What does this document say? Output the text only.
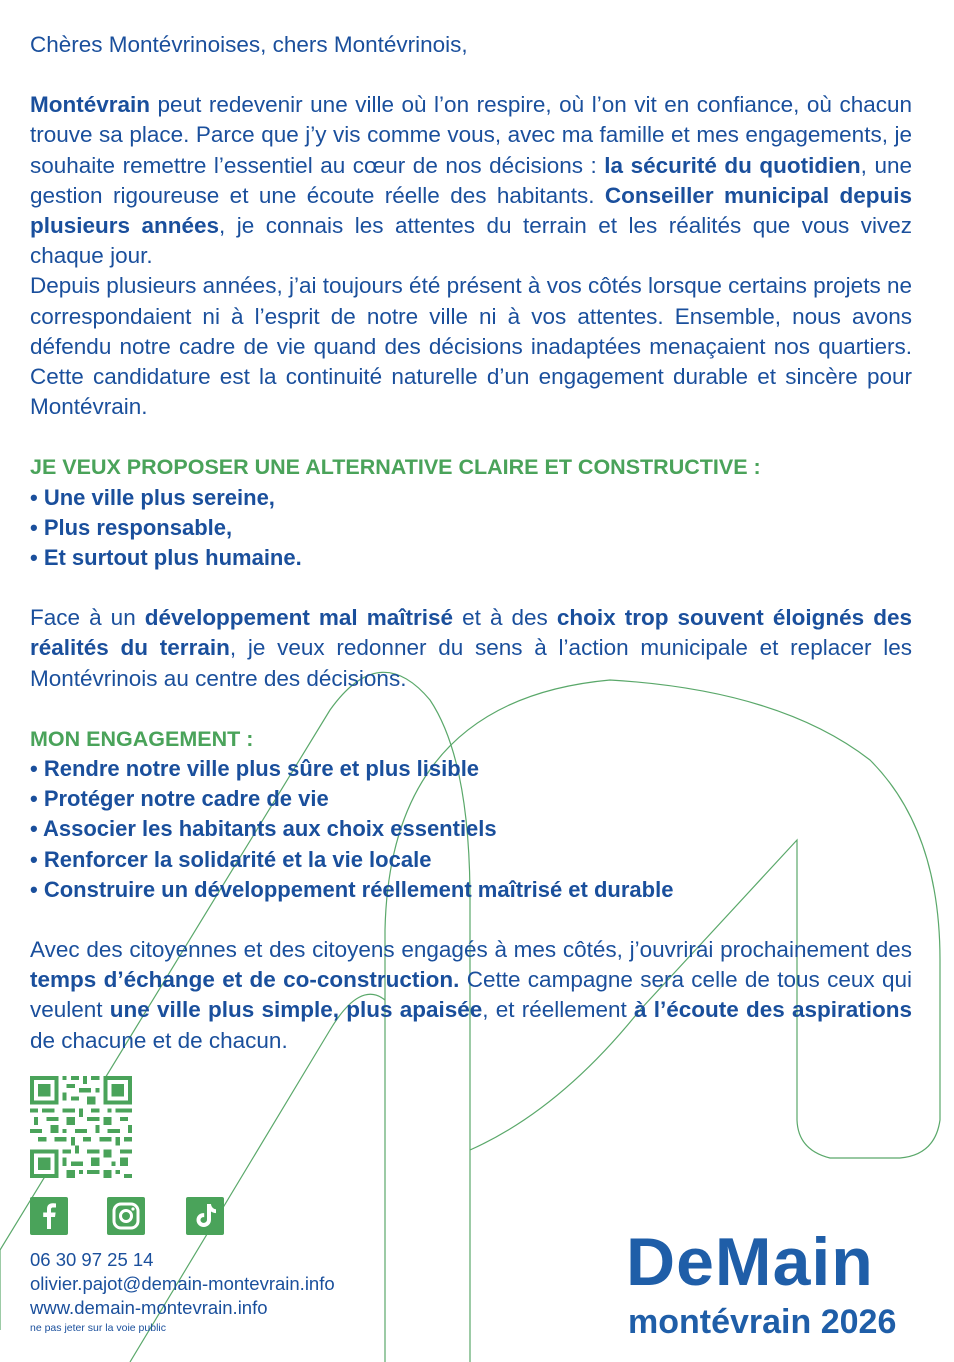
Chères Montévrinoises, chers Montévrinois,

Montévrain peut redevenir une ville où l’on respire, où l’on vit en confiance, où chacun trouve sa place. Parce que j’y vis comme vous, avec ma famille et mes engagements, je souhaite remettre l’essentiel au cœur de nos décisions : la sécurité du quotidien, une gestion rigoureuse et une écoute réelle des habitants. Conseiller municipal depuis plusieurs années, je connais les attentes du terrain et les réalités que vous vivez chaque jour.

Depuis plusieurs années, j’ai toujours été présent à vos côtés lorsque certains projets ne correspondaient ni à l’esprit de notre ville ni à vos attentes. Ensemble, nous avons défendu notre cadre de vie quand des décisions inadaptées menaçaient nos quartiers. Cette candidature est la continuité naturelle d’un engagement durable et sincère pour Montévrain.

JE VEUX PROPOSER UNE ALTERNATIVE CLAIRE ET CONSTRUCTIVE :

• Une ville plus sereine,

• Plus responsable,

• Et surtout plus humaine.

Face à un développement mal maîtrisé et à des choix trop souvent éloignés des réalités du terrain, je veux redonner du sens à l’action municipale et replacer les Montévrinois au centre des décisions.

MON ENGAGEMENT :

• Rendre notre ville plus sûre et plus lisible

• Protéger notre cadre de vie

• Associer les habitants aux choix essentiels

• Renforcer la solidarité et la vie locale

• Construire un développement réellement maîtrisé et durable

Avec des citoyennes et des citoyens engagés à mes côtés, j’ouvrirai prochainement des temps d’échange et de co-construction. Cette campagne sera celle de tous ceux qui veulent une ville plus simple, plus apaisée, et réellement à l’écoute des aspirations de chacune et de chacun.

06 30 97 25 14
olivier.pajot@demain-montevrain.info
www.demain-montevrain.info
ne pas jeter sur la voie public
DeMain
montévrain 2026
